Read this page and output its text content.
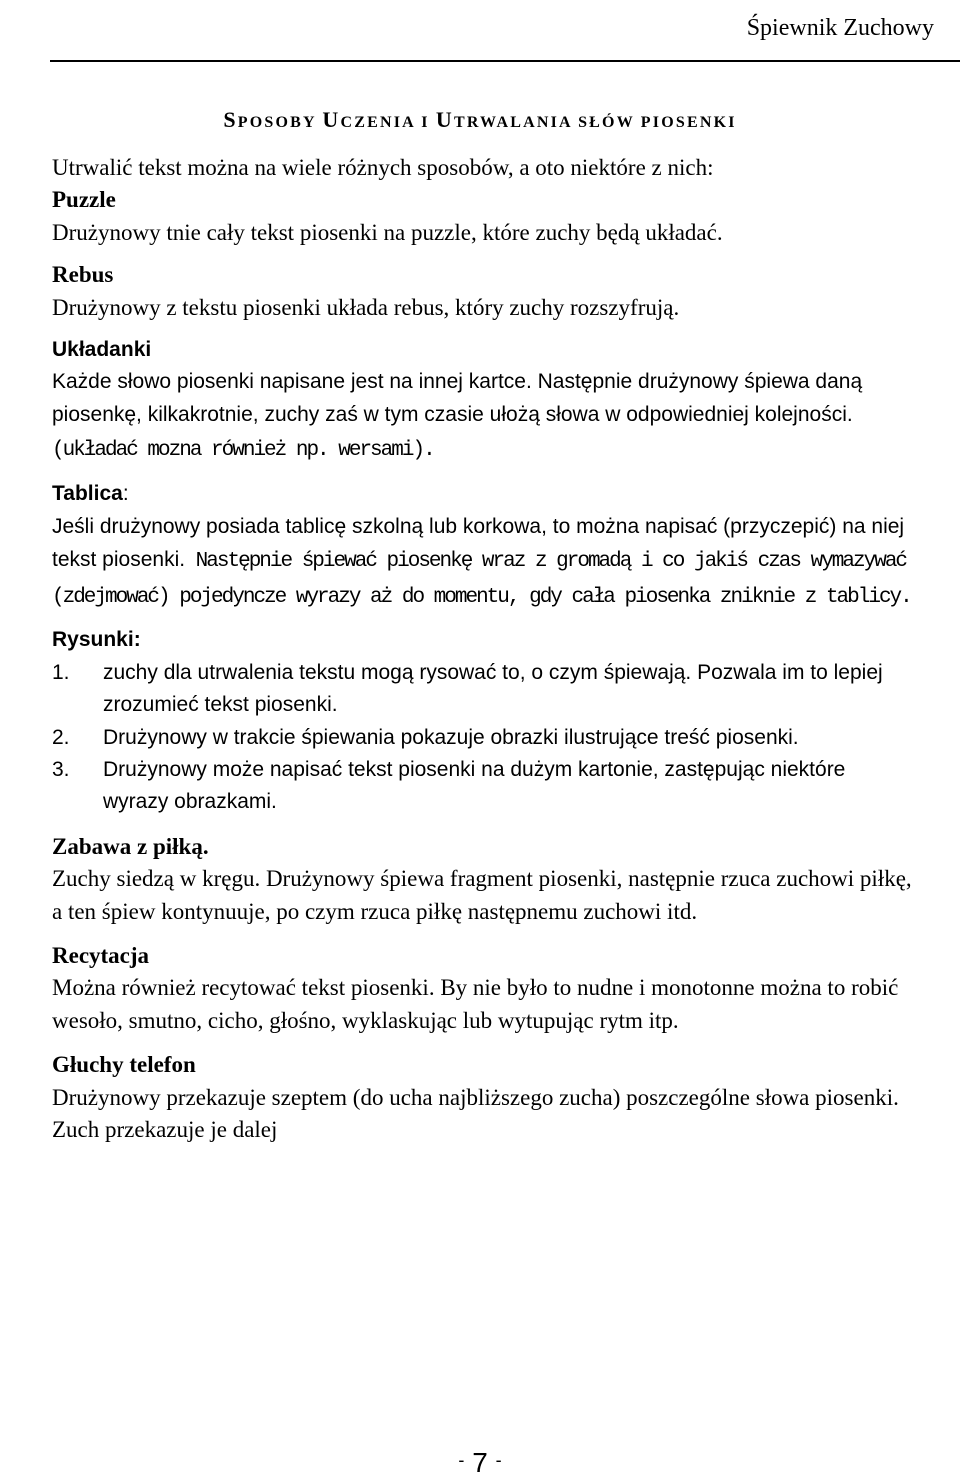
Śpiewnik Zuchowy
SPOSOBY UCZENIA I UTRWALANIA SŁÓW PIOSENKI

Utrwalić tekst można na wiele różnych sposobów, a oto niektóre z nich:

Puzzle

Drużynowy tnie cały tekst piosenki na puzzle, które zuchy będą układać.

Rebus

Drużynowy z tekstu piosenki układa rebus, który zuchy rozszyfrują.

Układanki

Każde słowo piosenki napisane jest na innej kartce. Następnie drużynowy śpiewa daną piosenkę, kilkakrotnie, zuchy zaś w tym czasie ułożą słowa w odpowiedniej kolejności. (układać mozna również np. wersami).

Tablica:

Jeśli drużynowy posiada tablicę szkolną lub korkowa, to można napisać (przyczepić) na niej tekst piosenki. Następnie śpiewać piosenkę wraz z gromadą i co jakiś czas wymazywać (zdejmować) pojedyncze wyrazy aż do momentu, gdy cała piosenka zniknie z tablicy.

Rysunki:
1.	zuchy dla utrwalenia tekstu mogą rysować to, o czym śpiewają. Pozwala im to lepiej zrozumieć tekst piosenki.
2.	Drużynowy w trakcie śpiewania pokazuje obrazki ilustrujące treść piosenki.
3.	Drużynowy może napisać tekst piosenki na dużym kartonie, zastępując niektóre wyrazy obrazkami.
Zabawa z piłką.

Zuchy siedzą w kręgu. Drużynowy śpiewa fragment piosenki, następnie rzuca zuchowi piłkę, a ten śpiew kontynuuje, po czym rzuca piłkę następnemu zuchowi itd.

Recytacja

Można również recytować tekst piosenki. By nie było to nudne i monotonne można to robić wesoło, smutno, cicho, głośno, wyklaskując lub wytupując rytm itp.

Głuchy telefon

Drużynowy przekazuje szeptem (do ucha najbliższego zucha) poszczególne słowa piosenki. Zuch przekazuje je dalej

- 7 -
